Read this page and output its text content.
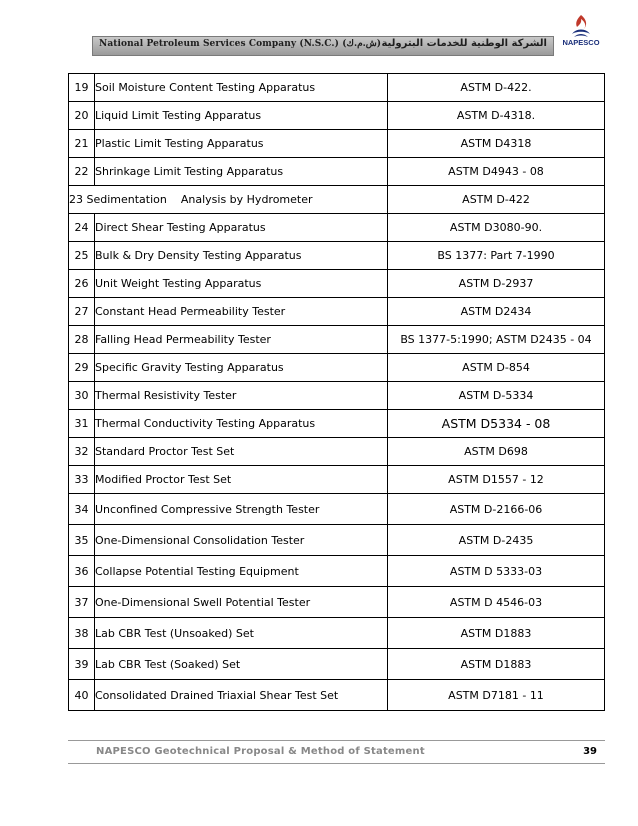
National Petroleum Services Company (N.S.C.) (ش.م.ك) الشركة الوطنية للخدمات البترولية	NAPESCO
19	Soil Moisture Content Testing Apparatus	ASTM D-422.
20	Liquid Limit Testing Apparatus	ASTM D-4318.
21	Plastic Limit Testing Apparatus	ASTM D4318
22	Shrinkage Limit Testing Apparatus	ASTM D4943 - 08
23 Sedimentation    Analysis by Hydrometer		ASTM D-422
24	Direct Shear Testing Apparatus	ASTM D3080-90.
25	Bulk & Dry Density Testing Apparatus	BS 1377: Part 7-1990
26	Unit Weight Testing Apparatus	ASTM D-2937
27	Constant Head Permeability Tester	ASTM D2434
28	Falling Head Permeability Tester	BS 1377-5:1990; ASTM D2435 - 04
29	Specific Gravity Testing Apparatus	ASTM D-854
30	Thermal Resistivity Tester	ASTM D-5334
31	Thermal Conductivity Testing Apparatus	ASTM D5334 - 08
32	Standard Proctor Test Set	ASTM D698
33	Modified Proctor Test Set	ASTM D1557 - 12
34	Unconfined Compressive Strength Tester	ASTM D-2166-06
35	One-Dimensional Consolidation Tester	ASTM D-2435
36	Collapse Potential Testing Equipment	ASTM D 5333-03
37	One-Dimensional Swell Potential Tester	ASTM D 4546-03
38	Lab CBR Test (Unsoaked) Set	ASTM D1883
39	Lab CBR Test (Soaked) Set	ASTM D1883
40	Consolidated Drained Triaxial Shear Test Set	ASTM D7181 - 11
NAPESCO Geotechnical Proposal & Method of Statement	39
